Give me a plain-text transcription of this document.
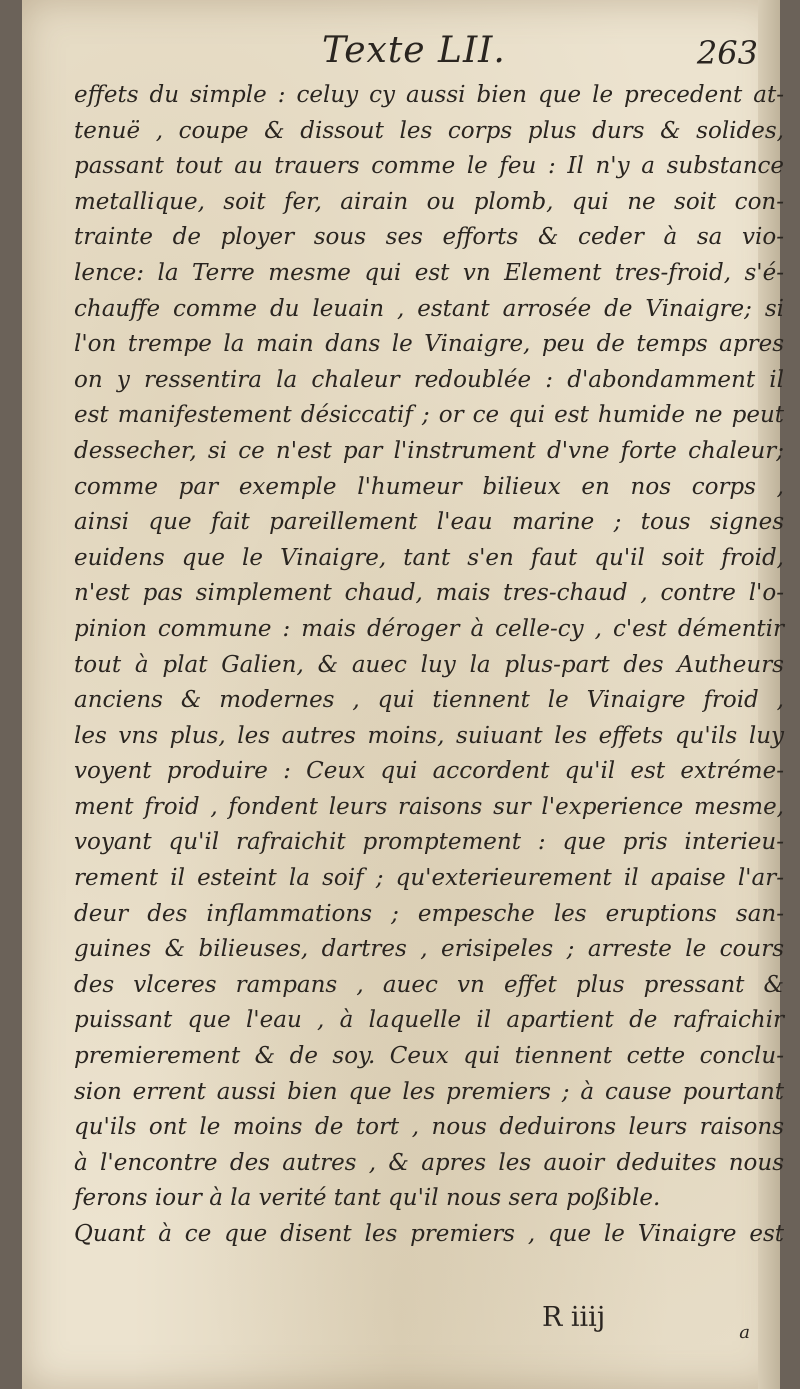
Texte LII.	263
effets du simple : celuy cy aussi bien que le precedent at-
tenuë , coupe & dissout les corps plus durs & solides,
passant tout au trauers comme le feu : Il n'y a substance
metallique, soit fer, airain ou plomb, qui ne soit con-
trainte de ployer sous ses efforts & ceder à sa vio-
lence: la Terre mesme qui est vn Element tres-froid, s'é-
chauffe comme du leuain , estant arrosée de Vinaigre; si
l'on trempe la main dans le Vinaigre, peu de temps apres
on y ressentira la chaleur redoublée : d'abondamment il
est manifestement désiccatif ; or ce qui est humide ne peut
dessecher, si ce n'est par l'instrument d'vne forte chaleur;
comme par exemple l'humeur bilieux en nos corps ,
ainsi que fait pareillement l'eau marine ; tous signes
euidens que le Vinaigre, tant s'en faut qu'il soit froid,
n'est pas simplement chaud, mais tres-chaud , contre l'o-
pinion commune : mais déroger à celle-cy , c'est démentir
tout à plat Galien, & auec luy la plus-part des Autheurs
anciens & modernes , qui tiennent le Vinaigre froid ,
les vns plus, les autres moins, suiuant les effets qu'ils luy
voyent produire : Ceux qui accordent qu'il est extréme-
ment froid , fondent leurs raisons sur l'experience mesme,
voyant qu'il rafraichit promptement : que pris interieu-
rement il esteint la soif ; qu'exterieurement il apaise l'ar-
deur des inflammations ; empesche les eruptions san-
guines & bilieuses, dartres , erisipeles ; arreste le cours
des vlceres rampans , auec vn effet plus pressant &
puissant que l'eau , à laquelle il apartient de rafraichir
premierement & de soy. Ceux qui tiennent cette conclu-
sion errent aussi bien que les premiers ; à cause pourtant
qu'ils ont le moins de tort , nous deduirons leurs raisons
à l'encontre des autres , & apres les auoir deduites nous
ferons iour à la verité tant qu'il nous sera poßible.
Quant à ce que disent les premiers , que le Vinaigre est
R iiij	a
